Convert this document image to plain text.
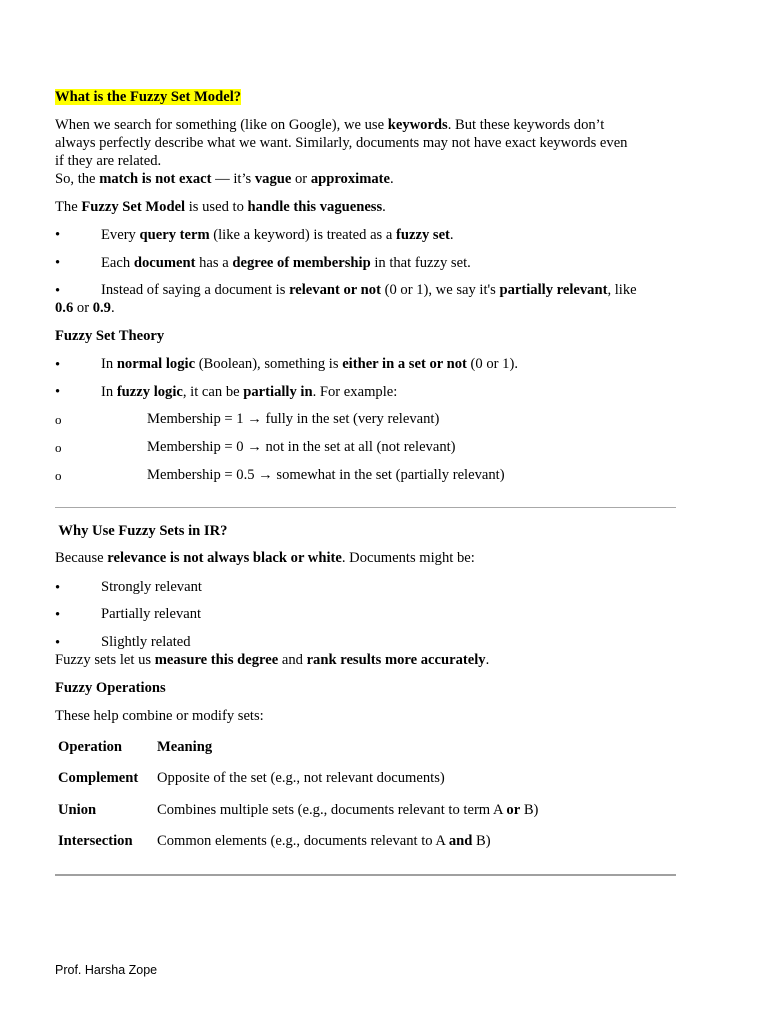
What is the Fuzzy Set Model?
When we search for something (like on Google), we use keywords. But these keywords don’t
always perfectly describe what we want. Similarly, documents may not have exact keywords even
if they are related.
So, the match is not exact — it’s vague or approximate.
The Fuzzy Set Model is used to handle this vagueness.
•	Every query term (like a keyword) is treated as a fuzzy set.
•	Each document has a degree of membership in that fuzzy set.
•	Instead of saying a document is relevant or not (0 or 1), we say it's partially relevant, like
0.6 or 0.9.
Fuzzy Set Theory
•	In normal logic (Boolean), something is either in a set or not (0 or 1).
•	In fuzzy logic, it can be partially in. For example:
o	Membership = 1 → fully in the set (very relevant)
o	Membership = 0 → not in the set at all (not relevant)
o	Membership = 0.5 → somewhat in the set (partially relevant)
Why Use Fuzzy Sets in IR?
Because relevance is not always black or white. Documents might be:
•	Strongly relevant
•	Partially relevant
•	Slightly related
Fuzzy sets let us measure this degree and rank results more accurately.
Fuzzy Operations
These help combine or modify sets:
Operation Meaning
Complement Opposite of the set (e.g., not relevant documents)
Union	Combines multiple sets (e.g., documents relevant to term A or B)
Intersection Common elements (e.g., documents relevant to A and B)
Prof. Harsha Zope
